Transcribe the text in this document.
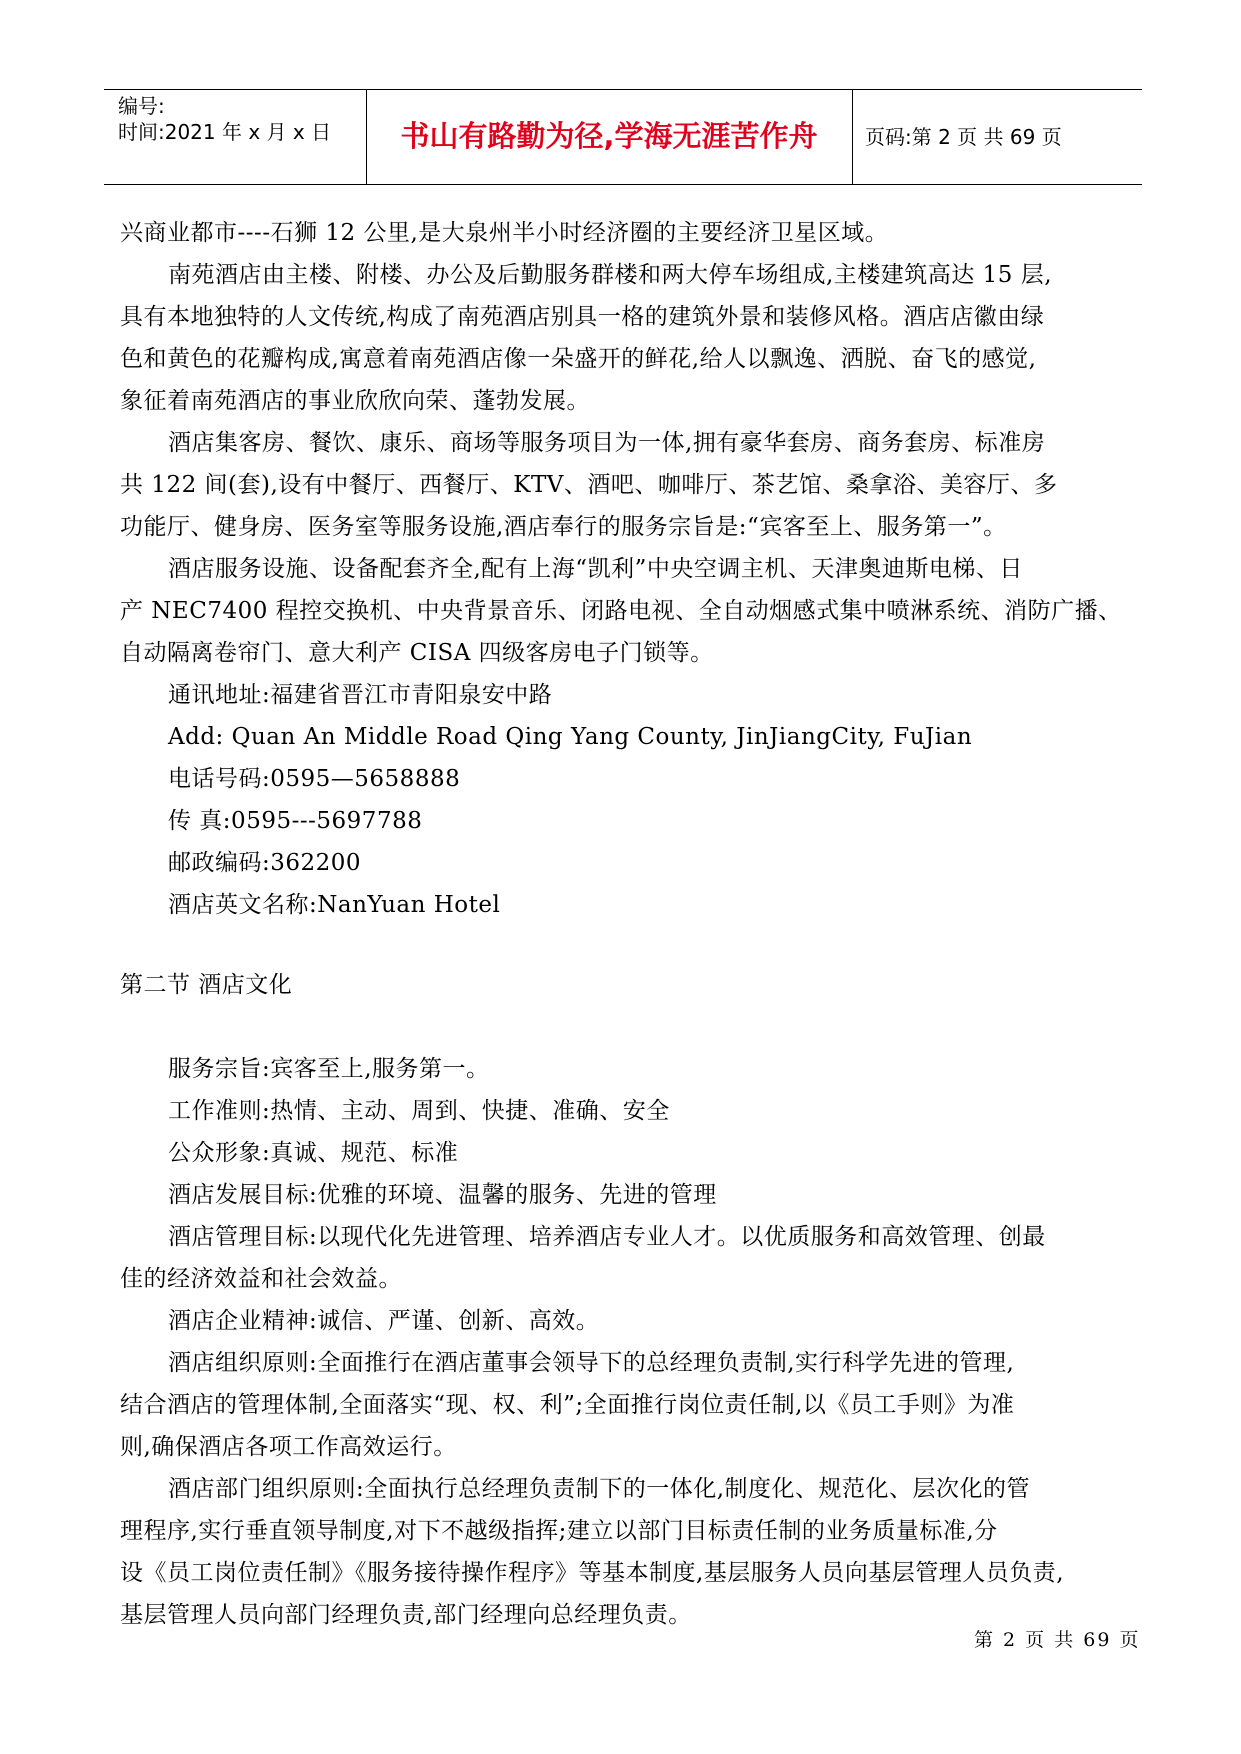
编号:
时间:2021 年 x 月 x 日	书山有路勤为径,学海无涯苦作舟	页码:第 2 页 共 69 页
兴商业都市----石狮 12 公里,是大泉州半小时经济圈的主要经济卫星区域。
南苑酒店由主楼、附楼、办公及后勤服务群楼和两大停车场组成,主楼建筑高达 15 层,
具有本地独特的人文传统,构成了南苑酒店别具一格的建筑外景和装修风格。酒店店徽由绿
色和黄色的花瓣构成,寓意着南苑酒店像一朵盛开的鲜花,给人以飘逸、洒脱、奋飞的感觉,
象征着南苑酒店的事业欣欣向荣、蓬勃发展。
酒店集客房、餐饮、康乐、商场等服务项目为一体,拥有豪华套房、商务套房、标准房
共 122 间(套),设有中餐厅、西餐厅、KTV、酒吧、咖啡厅、茶艺馆、桑拿浴、美容厅、多
功能厅、健身房、医务室等服务设施,酒店奉行的服务宗旨是:“宾客至上、服务第一”。
酒店服务设施、设备配套齐全,配有上海“凯利”中央空调主机、天津奥迪斯电梯、日
产 NEC7400 程控交换机、中央背景音乐、闭路电视、全自动烟感式集中喷淋系统、消防广播、
自动隔离卷帘门、意大利产 CISA 四级客房电子门锁等。
通讯地址:福建省晋江市青阳泉安中路
Add: Quan An Middle Road Qing Yang County, JinJiangCity, FuJian
电话号码:0595—5658888
传 真:0595---5697788
邮政编码:362200
酒店英文名称:NanYuan Hotel
第二节 酒店文化
服务宗旨:宾客至上,服务第一。
工作准则:热情、主动、周到、快捷、准确、安全
公众形象:真诚、规范、标准
酒店发展目标:优雅的环境、温馨的服务、先进的管理
酒店管理目标:以现代化先进管理、培养酒店专业人才。以优质服务和高效管理、创最
佳的经济效益和社会效益。
酒店企业精神:诚信、严谨、创新、高效。
酒店组织原则:全面推行在酒店董事会领导下的总经理负责制,实行科学先进的管理,
结合酒店的管理体制,全面落实“现、权、利”;全面推行岗位责任制,以《员工手则》为准
则,确保酒店各项工作高效运行。
酒店部门组织原则:全面执行总经理负责制下的一体化,制度化、规范化、层次化的管
理程序,实行垂直领导制度,对下不越级指挥;建立以部门目标责任制的业务质量标准,分
设《员工岗位责任制》《服务接待操作程序》等基本制度,基层服务人员向基层管理人员负责,
基层管理人员向部门经理负责,部门经理向总经理负责。
第 2 页 共 69 页
